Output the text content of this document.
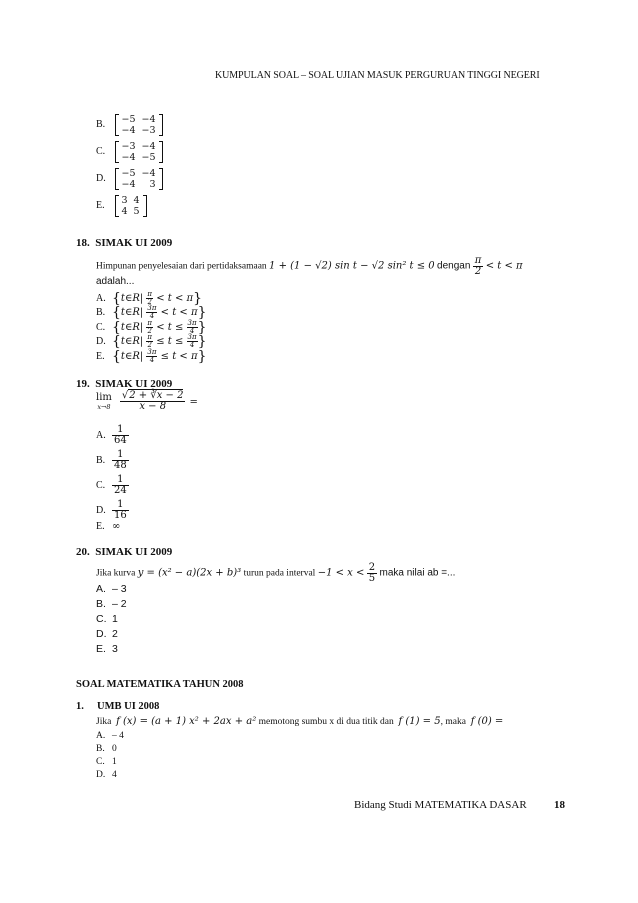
KUMPULAN SOAL – SOAL UJIAN MASUK PERGURUAN TINGGI NEGERI
B. −5	−4
−4	−3
C. −3	−4
−4	−5
D. −5	−4
−4	3
E. 3	4
4	5
18. SIMAK UI 2009
Himpunan penyelesaian dari pertidaksamaan 1 + (1 − √2) sin t − √2 sin² t ≤ 0 dengan $\frac{\pi}{2} < t < \pi$
adalah...
A. {t∈R| $\frac{\pi}{2} < t < \pi$}
B. {t∈R| $\frac{3\pi}{4} < t < \pi$}
C. {t∈R| $\frac{\pi}{2} < t \le \frac{3\pi}{4}$ }
D. {t∈R| $\frac{\pi}{2} \le t \le \frac{3\pi}{4}$ }
E. {t∈R| $\frac{3\pi}{4} \le t < \pi$}
19. SIMAK UI 2009
lim
x→8
$\frac{√2 + ∛x - 2}{x - 8}$ =
A. $\frac{1}{64}$
B. $\frac{1}{48}$
C. $\frac{1}{24}$
D. $\frac{1}{16}$
E. ∞
20. SIMAK UI 2009
Jika kurva y = (x² − a)(2x + b)³ turun pada interval $-1 < x < \frac{2}{5}$ maka nilai ab =...
A. – 3
B. – 2
C. 1
D. 2
E. 3
SOAL MATEMATIKA TAHUN 2008
1. UMB UI 2008
Jika f (x) = (a + 1) x² + 2ax + a² memotong sumbu x di dua titik dan f (1) = 5, maka f (0) =
A. – 4
B. 0
C. 1
D. 4
Bidang Studi MATEMATIKA DASAR 18
